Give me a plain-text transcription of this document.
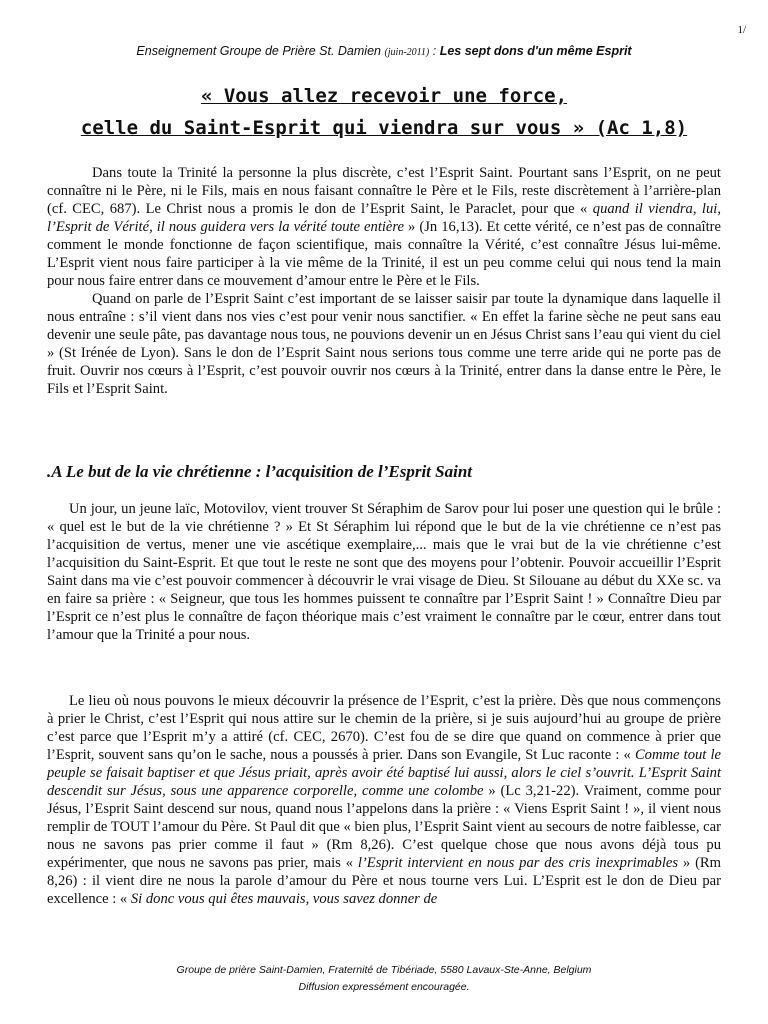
1/
Enseignement Groupe de Prière St. Damien (juin-2011) : Les sept dons d'un même Esprit
« Vous allez recevoir une force,
celle du Saint-Esprit qui viendra sur vous » (Ac 1,8)

Dans toute la Trinité la personne la plus discrète, c’est l’Esprit Saint. Pourtant sans l’Esprit, on ne peut connaître ni le Père, ni le Fils, mais en nous faisant connaître le Père et le Fils, reste discrètement à l’arrière-plan (cf. CEC, 687). Le Christ nous a promis le don de l’Esprit Saint, le Paraclet, pour que « quand il viendra, lui, l’Esprit de Vérité, il nous guidera vers la vérité toute entière » (Jn 16,13). Et cette vérité, ce n’est pas de connaître comment le monde fonctionne de façon scientifique, mais connaître la Vérité, c’est connaître Jésus lui-même. L’Esprit vient nous faire participer à la vie même de la Trinité, il est un peu comme celui qui nous tend la main pour nous faire entrer dans ce mouvement d’amour entre le Père et le Fils.

Quand on parle de l’Esprit Saint c’est important de se laisser saisir par toute la dynamique dans laquelle il nous entraîne : s’il vient dans nos vies c’est pour venir nous sanctifier. « En effet la farine sèche ne peut sans eau devenir une seule pâte, pas davantage nous tous, ne pouvions devenir un en Jésus Christ sans l’eau qui vient du ciel » (St Irénée de Lyon). Sans le don de l’Esprit Saint nous serions tous comme une terre aride qui ne porte pas de fruit. Ouvrir nos cœurs à l’Esprit, c’est pouvoir ouvrir nos cœurs à la Trinité, entrer dans la danse entre le Père, le Fils et l’Esprit Saint.

.A Le but de la vie chrétienne : l’acquisition de l’Esprit Saint

Un jour, un jeune laïc, Motovilov, vient trouver St Séraphim de Sarov pour lui poser une question qui le brûle : « quel est le but de la vie chrétienne ? » Et St Séraphim lui répond que le but de la vie chrétienne ce n’est pas l’acquisition de vertus, mener une vie ascétique exemplaire,... mais que le vrai but de la vie chrétienne c’est l’acquisition du Saint-Esprit. Et que tout le reste ne sont que des moyens pour l’obtenir. Pouvoir accueillir l’Esprit Saint dans ma vie c’est pouvoir commencer à découvrir le vrai visage de Dieu. St Silouane au début du XXe sc. va en faire sa prière : « Seigneur, que tous les hommes puissent te connaître par l’Esprit Saint ! » Connaître Dieu par l’Esprit ce n’est plus le connaître de façon théorique mais c’est vraiment le connaître par le cœur, entrer dans tout l’amour que la Trinité a pour nous.

Le lieu où nous pouvons le mieux découvrir la présence de l’Esprit, c’est la prière. Dès que nous commençons à prier le Christ, c’est l’Esprit qui nous attire sur le chemin de la prière, si je suis aujourd’hui au groupe de prière c’est parce que l’Esprit m’y a attiré (cf. CEC, 2670). C’est fou de se dire que quand on commence à prier que l’Esprit, souvent sans qu’on le sache, nous a poussés à prier. Dans son Evangile, St Luc raconte : « Comme tout le peuple se faisait baptiser et que Jésus priait, après avoir été baptisé lui aussi, alors le ciel s’ouvrit. L’Esprit Saint descendit sur Jésus, sous une apparence corporelle, comme une colombe » (Lc 3,21-22). Vraiment, comme pour Jésus, l’Esprit Saint descend sur nous, quand nous l’appelons dans la prière : « Viens Esprit Saint ! », il vient nous remplir de TOUT l’amour du Père. St Paul dit que « bien plus, l’Esprit Saint vient au secours de notre faiblesse, car nous ne savons pas prier comme il faut » (Rm 8,26). C’est quelque chose que nous avons déjà tous pu expérimenter, que nous ne savons pas prier, mais « l’Esprit intervient en nous par des cris inexprimables » (Rm 8,26) : il vient dire ne nous la parole d’amour du Père et nous tourne vers Lui. L’Esprit est le don de Dieu par excellence : « Si donc vous qui êtes mauvais, vous savez donner de

Groupe de prière Saint-Damien, Fraternité de Tibériade, 5580 Lavaux-Ste-Anne, Belgium
Diffusion expressément encouragée.
